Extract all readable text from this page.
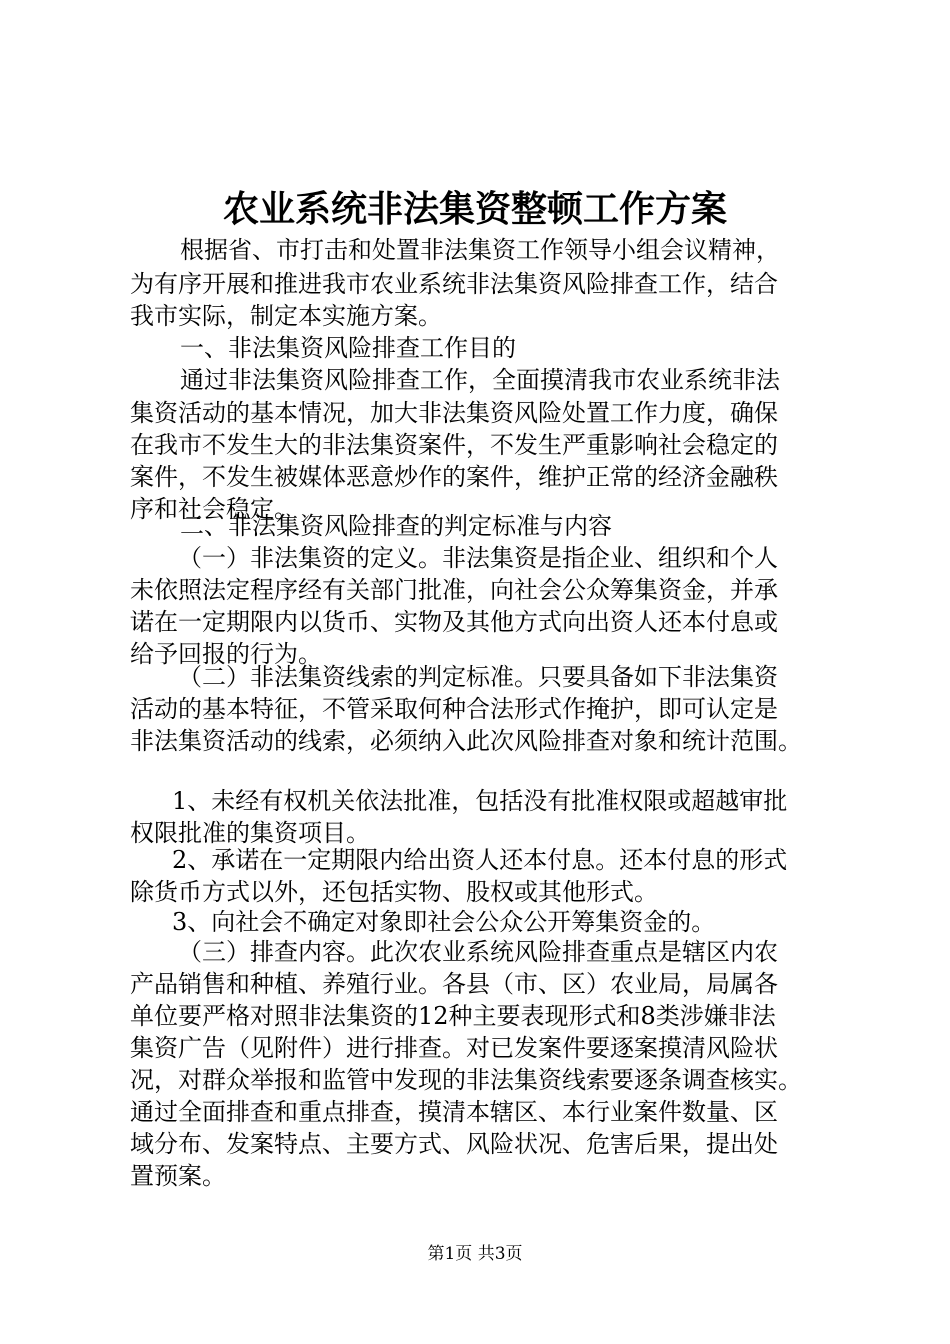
农业系统非法集资整顿工作方案
根据省、市打击和处置非法集资工作领导小组会议精神，
为有序开展和推进我市农业系统非法集资风险排查工作，结合
我市实际，制定本实施方案。
一、非法集资风险排查工作目的
通过非法集资风险排查工作，全面摸清我市农业系统非法
集资活动的基本情况，加大非法集资风险处置工作力度，确保
在我市不发生大的非法集资案件，不发生严重影响社会稳定的
案件，不发生被媒体恶意炒作的案件，维护正常的经济金融秩
序和社会稳定。
二、非法集资风险排查的判定标准与内容
（一）非法集资的定义。非法集资是指企业、组织和个人
未依照法定程序经有关部门批准，向社会公众筹集资金，并承
诺在一定期限内以货币、实物及其他方式向出资人还本付息或
给予回报的行为。
（二）非法集资线索的判定标准。只要具备如下非法集资
活动的基本特征，不管采取何种合法形式作掩护，即可认定是
非法集资活动的线索，必须纳入此次风险排查对象和统计范围。
1、未经有权机关依法批准，包括没有批准权限或超越审批
权限批准的集资项目。
2、承诺在一定期限内给出资人还本付息。还本付息的形式
除货币方式以外，还包括实物、股权或其他形式。
3、向社会不确定对象即社会公众公开筹集资金的。
（三）排查内容。此次农业系统风险排查重点是辖区内农
产品销售和种植、养殖行业。各县（市、区）农业局，局属各
单位要严格对照非法集资的12种主要表现形式和8类涉嫌非法
集资广告（见附件）进行排查。对已发案件要逐案摸清风险状
况，对群众举报和监管中发现的非法集资线索要逐条调查核实。
通过全面排查和重点排查，摸清本辖区、本行业案件数量、区
域分布、发案特点、主要方式、风险状况、危害后果，提出处
置预案。
第1页 共3页
